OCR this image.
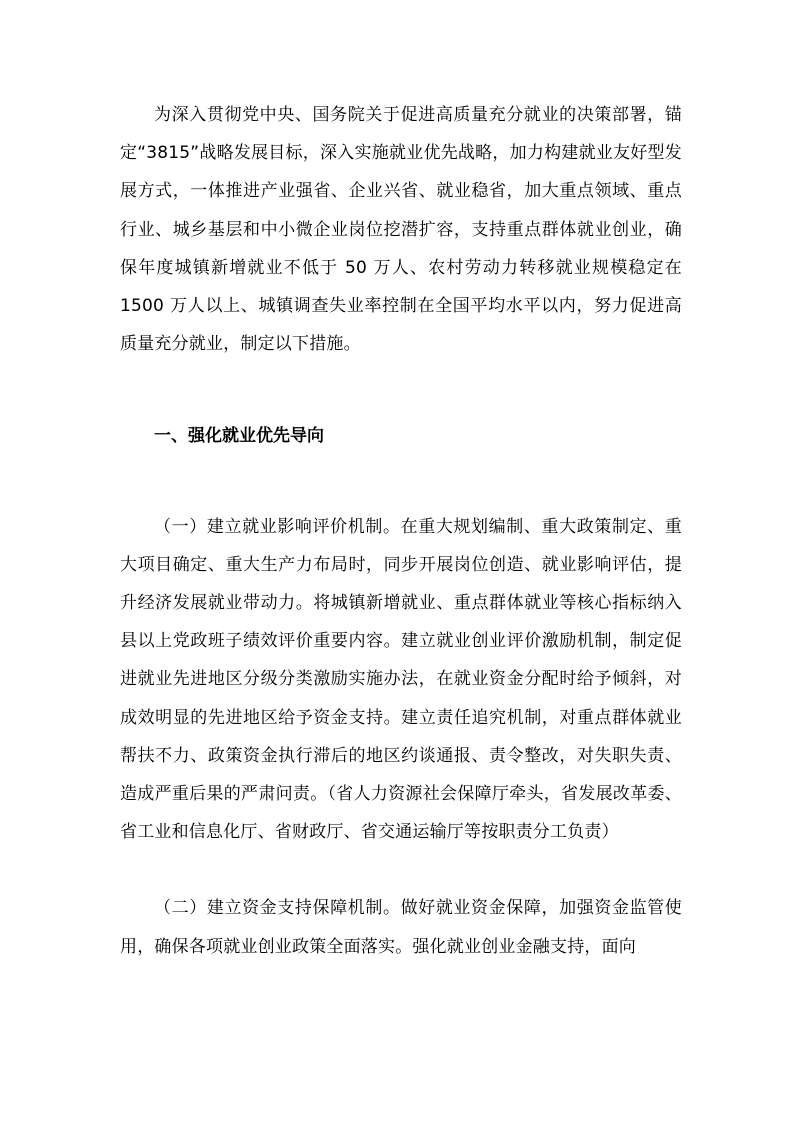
为深入贯彻党中央、国务院关于促进高质量充分就业的决策部署，锚定“3815”战略发展目标，深入实施就业优先战略，加力构建就业友好型发展方式，一体推进产业强省、企业兴省、就业稳省，加大重点领域、重点行业、城乡基层和中小微企业岗位挖潜扩容，支持重点群体就业创业，确保年度城镇新增就业不低于 50 万人、农村劳动力转移就业规模稳定在 1500 万人以上、城镇调查失业率控制在全国平均水平以内，努力促进高质量充分就业，制定以下措施。

一、强化就业优先导向

（一）建立就业影响评价机制。在重大规划编制、重大政策制定、重大项目确定、重大生产力布局时，同步开展岗位创造、就业影响评估，提升经济发展就业带动力。将城镇新增就业、重点群体就业等核心指标纳入县以上党政班子绩效评价重要内容。建立就业创业评价激励机制，制定促进就业先进地区分级分类激励实施办法，在就业资金分配时给予倾斜，对成效明显的先进地区给予资金支持。建立责任追究机制，对重点群体就业帮扶不力、政策资金执行滞后的地区约谈通报、责令整改，对失职失责、造成严重后果的严肃问责。（省人力资源社会保障厅牵头，省发展改革委、省工业和信息化厅、省财政厅、省交通运输厅等按职责分工负责）

（二）建立资金支持保障机制。做好就业资金保障，加强资金监管使用，确保各项就业创业政策全面落实。强化就业创业金融支持，面向
